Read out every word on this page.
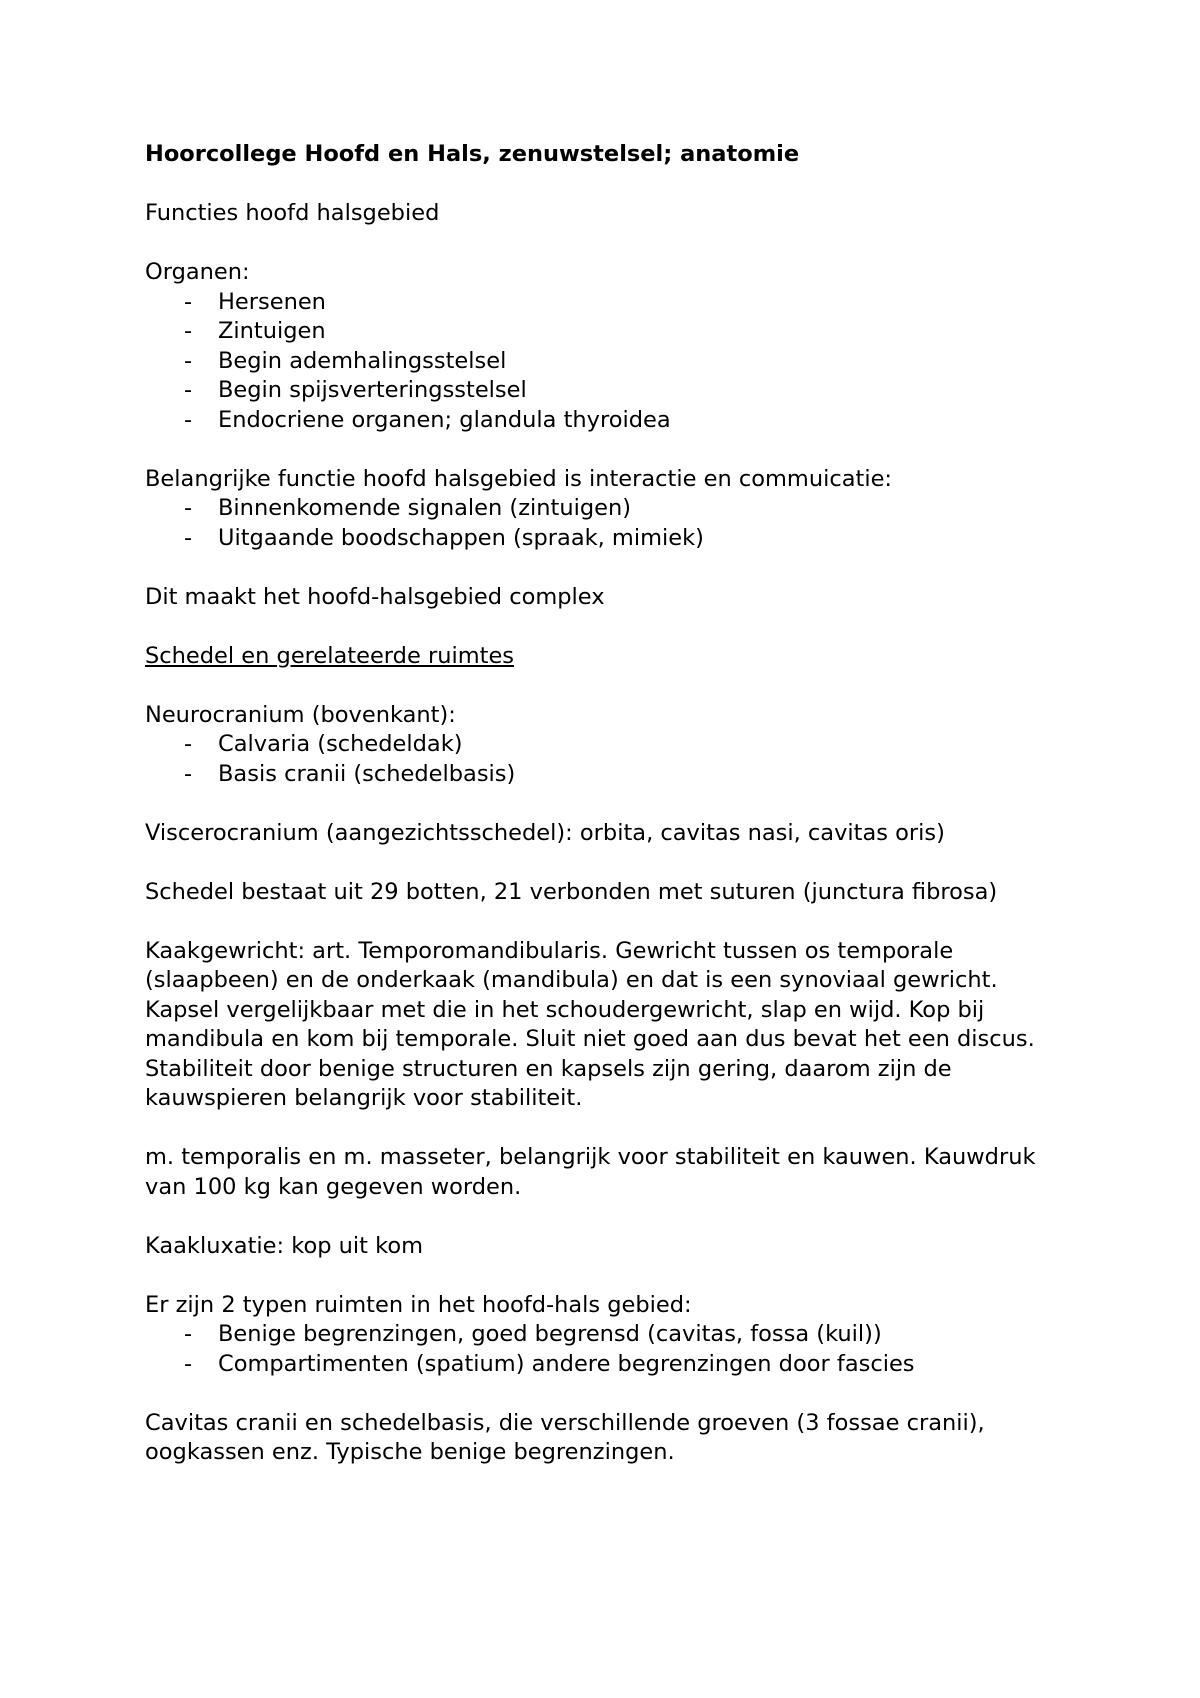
Hoorcollege Hoofd en Hals, zenuwstelsel; anatomie

Functies hoofd halsgebied

Organen:

- Hersenen
- Zintuigen
- Begin ademhalingsstelsel
- Begin spijsverteringsstelsel
- Endocriene organen; glandula thyroidea

Belangrijke functie hoofd halsgebied is interactie en commuicatie:

- Binnenkomende signalen (zintuigen)
- Uitgaande boodschappen (spraak, mimiek)

Dit maakt het hoofd-halsgebied complex

Schedel en gerelateerde ruimtes

Neurocranium (bovenkant):

- Calvaria (schedeldak)
- Basis cranii (schedelbasis)

Viscerocranium (aangezichtsschedel): orbita, cavitas nasi, cavitas oris)

Schedel bestaat uit 29 botten, 21 verbonden met suturen (junctura fibrosa)

Kaakgewricht: art. Temporomandibularis. Gewricht tussen os temporale (slaapbeen) en de onderkaak (mandibula) en dat is een synoviaal gewricht.

Kapsel vergelijkbaar met die in het schoudergewricht, slap en wijd. Kop bij mandibula en kom bij temporale. Sluit niet goed aan dus bevat het een discus. Stabiliteit door benige structuren en kapsels zijn gering, daarom zijn de kauwspieren belangrijk voor stabiliteit.

m. temporalis en m. masseter, belangrijk voor stabiliteit en kauwen. Kauwdruk van 100 kg kan gegeven worden.

Kaakluxatie: kop uit kom

Er zijn 2 typen ruimten in het hoofd-hals gebied:

- Benige begrenzingen, goed begrensd (cavitas, fossa (kuil))
- Compartimenten (spatium) andere begrenzingen door fascies

Cavitas cranii en schedelbasis, die verschillende groeven (3 fossae cranii), oogkassen enz. Typische benige begrenzingen.
